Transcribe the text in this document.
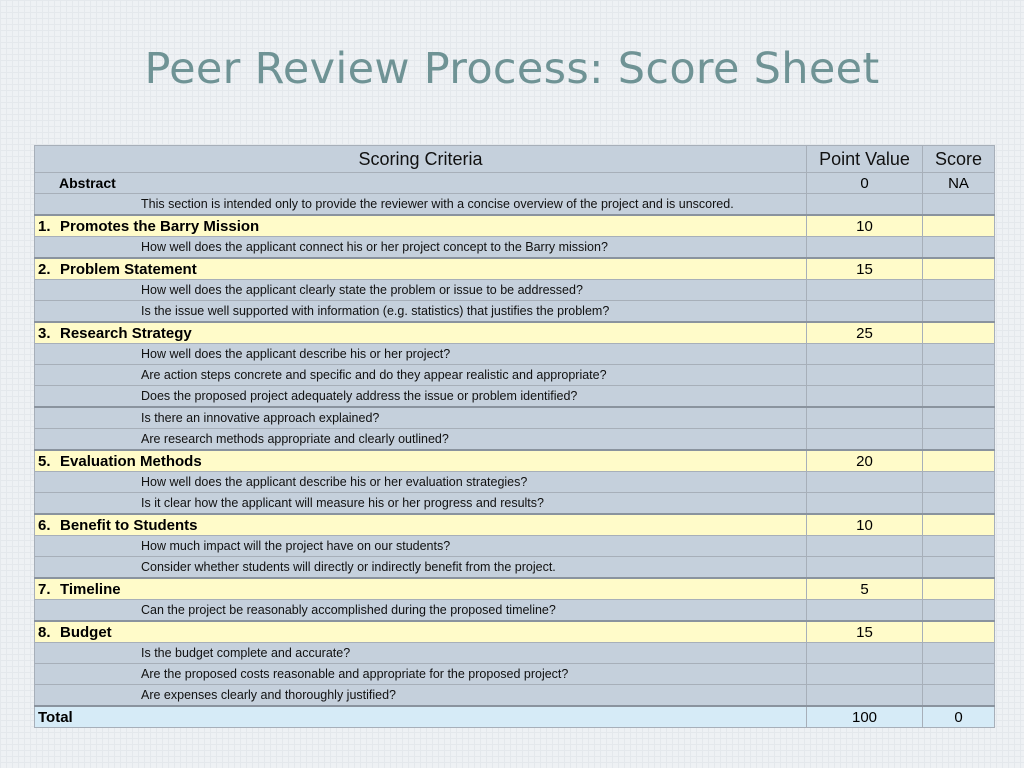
Peer Review Process: Score Sheet
Scoring Criteria	Point Value	Score
Abstract	0	NA
This section is intended only to provide the reviewer with a concise overview of the project and is unscored.		
1. Promotes the Barry Mission	10	
How well does the applicant connect his or her project concept to the Barry mission?		
2. Problem Statement	15	
How well does the applicant clearly state the problem or issue to be addressed?		
Is the issue well supported with information (e.g. statistics) that justifies the problem?		
3. Research Strategy	25	
How well does the applicant describe his or her project?		
Are action steps concrete and specific and do they appear realistic and appropriate?		
Does the proposed project adequately address the issue or problem identified?		
Is there an innovative approach explained?		
Are research methods appropriate and clearly outlined?		
5. Evaluation Methods	20	
How well does the applicant describe his or her evaluation strategies?		
Is it clear how the applicant will measure his or her progress and results?		
6. Benefit to Students	10	
How much impact will the project have on our students?		
Consider whether students will directly or indirectly benefit from the project.		
7. Timeline	5	
Can the project be reasonably accomplished during the proposed timeline?		
8. Budget	15	
Is the budget complete and accurate?		
Are the proposed costs reasonable and appropriate for the proposed project?		
Are expenses clearly and thoroughly justified?		
Total	100	0
